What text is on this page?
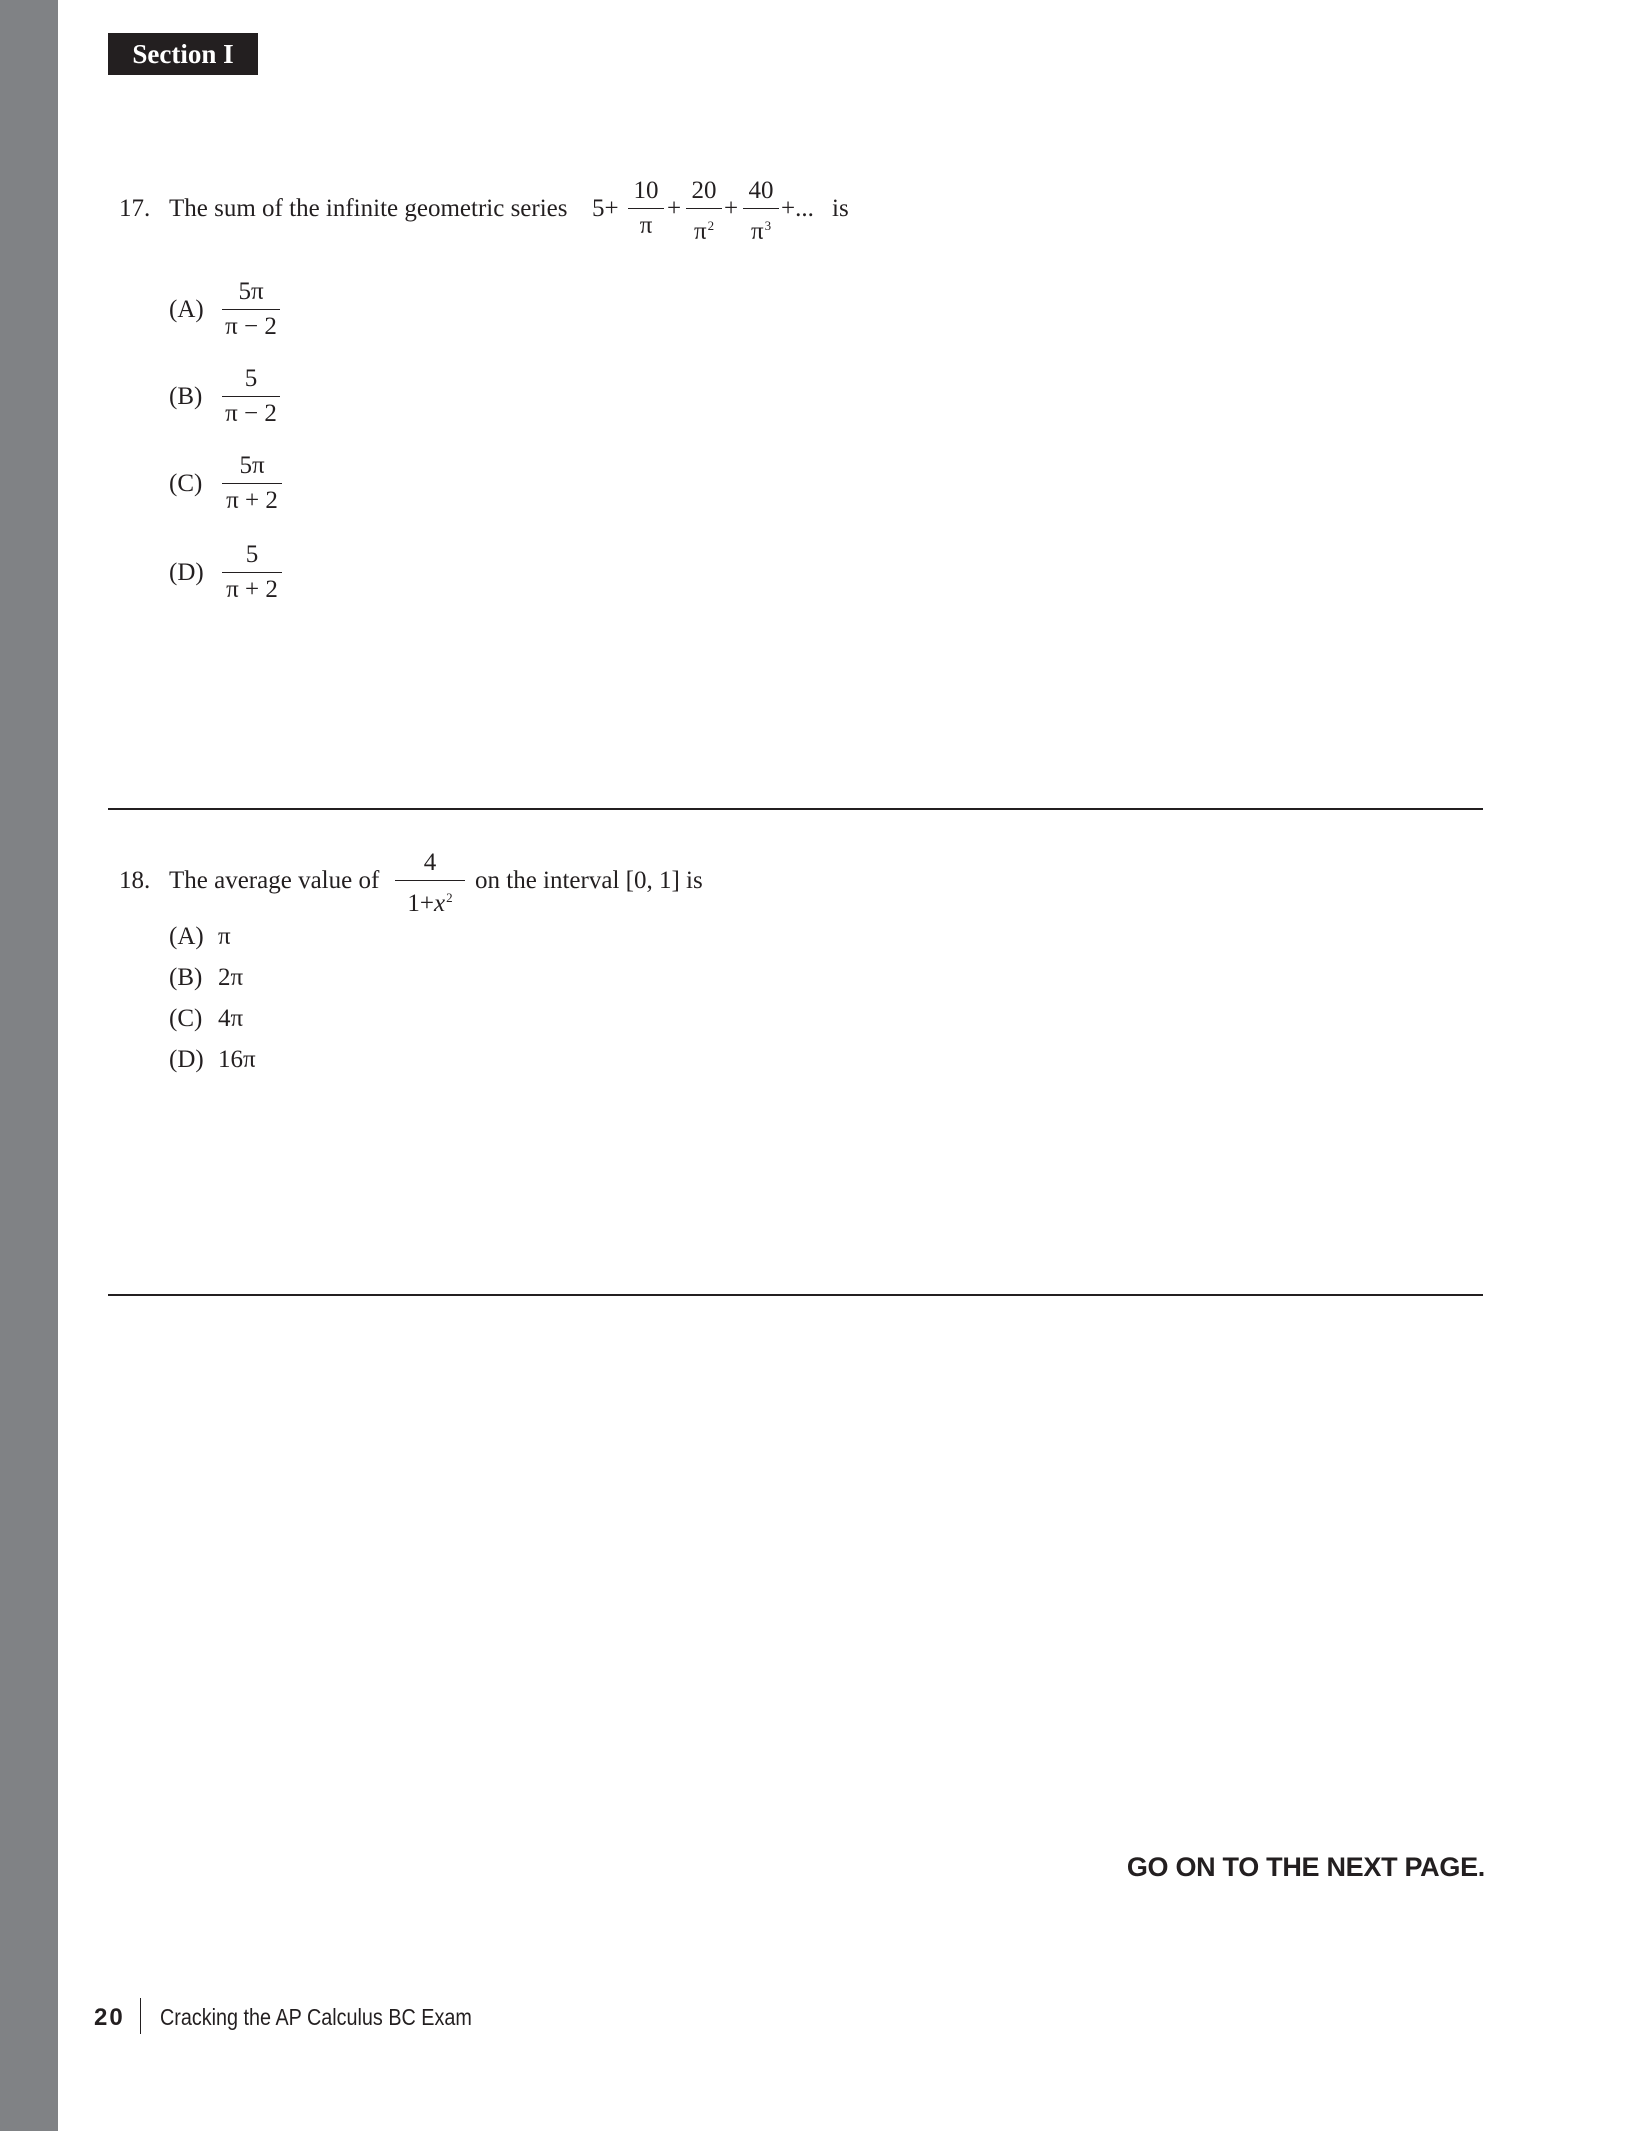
Section I
17. The sum of the infinite geometric series 5+
10
π
+
20
$\pi^2$
+
40
$\pi^3$
+... is
(A)
5π
π − 2
(B)
5
π − 2
(C)
5π
π + 2
(D)
5
π + 2
18. The average value of
4
$1+x^2$
on the interval [0, 1] is
(A) π
(B) 2π
(C) 4π
(D) 16π
GO ON TO THE NEXT PAGE.
20 Cracking the AP Calculus BC Exam
